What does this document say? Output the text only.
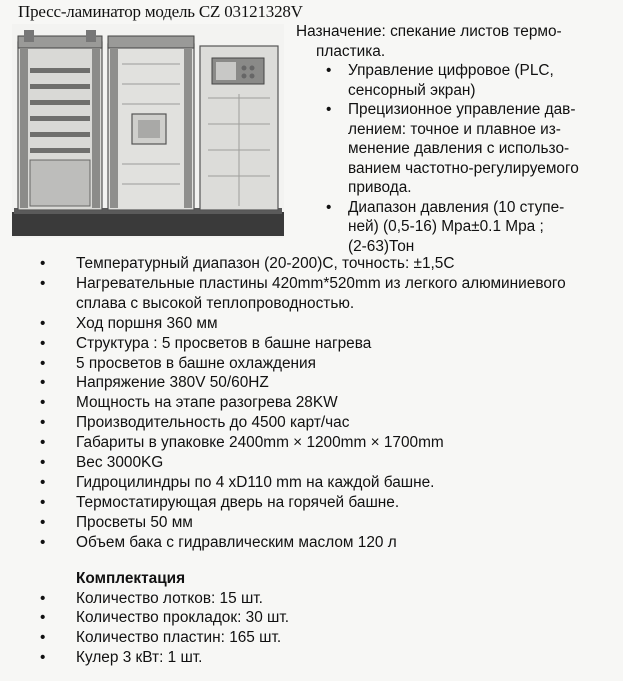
Пресс-ламинатор модель CZ 03121328V
Назначение: спекание листов термо-

пластика.
• Управление цифровое (PLC,
сенсорный экран)
• Прецизионное управление дав-
лением: точное и плавное из-
менение давления с использо-
ванием частотно-регулируемого
привода.
• Диапазон давления (10 ступе-
ней) (0,5-16) Мра±0.1 Мра ;
(2-63)Тон
• Температурный диапазон (20-200)С, точность: ±1,5С
• Нагревательные пластины 420mm*520mm из легкого алюминиевого
сплава с высокой теплопроводностью.
• Ход поршня 360 мм
• Структура : 5 просветов в башне нагрева
• 5 просветов в башне охлаждения
• Напряжение 380V 50/60HZ
• Мощность на этапе разогрева 28KW
• Производительность до 4500 карт/час
• Габариты в упаковке 2400mm × 1200mm × 1700mm
• Вес 3000KG
• Гидроцилиндры по 4 xD110 mm на каждой башне.
• Термостатирующая дверь на горячей башне.
• Просветы 50 мм
• Объем бака с гидравлическим маслом 120 л
Комплектация
• Количество лотков: 15 шт.
• Количество прокладок: 30 шт.
• Количество пластин: 165 шт.
• Кулер 3 кВт: 1 шт.
